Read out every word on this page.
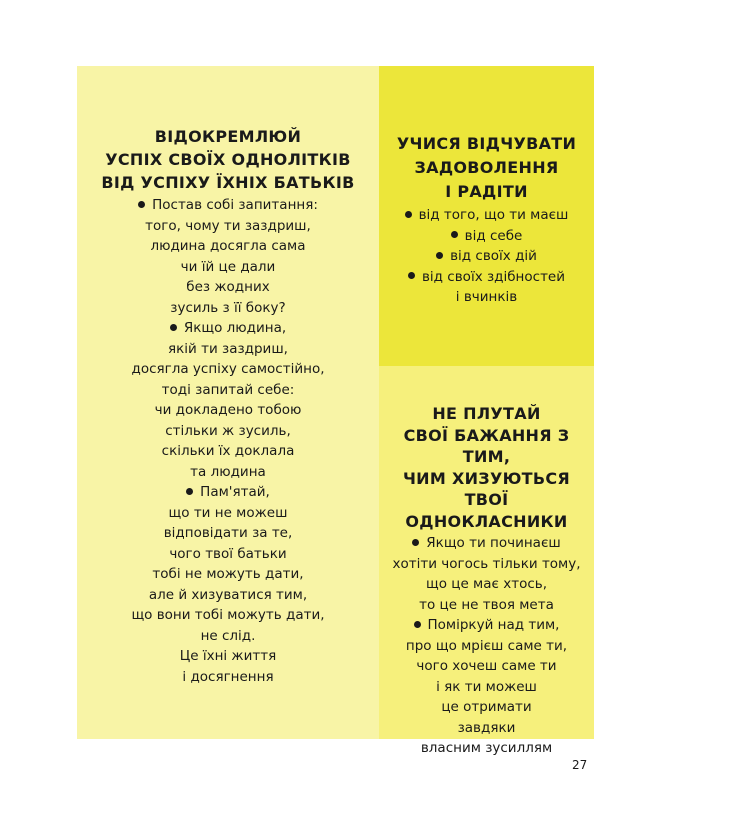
ВІДОКРЕМЛЮЙ

УСПІХ СВОЇХ ОДНОЛІТКІВ

ВІД УСПІХУ ЇХНІХ БАТЬКІВ

Постав собі запитання:

того, чому ти заздриш,

людина досягла сама

чи їй це дали

без жодних

зусиль з її боку?

Якщо людина,

якій ти заздриш,

досягла успіху самостійно,

тоді запитай себе:

чи докладено тобою

стільки ж зусиль,

скільки їх доклала

та людина

Пам'ятай,

що ти не можеш

відповідати за те,

чого твої батьки

тобі не можуть дати,

але й хизуватися тим,

що вони тобі можуть дати,

не слід.

Це їхні життя

і досягнення

УЧИСЯ ВІДЧУВАТИ

ЗАДОВОЛЕННЯ

І РАДІТИ

від того, що ти маєш

від себе

від своїх дій

від своїх здібностей

і вчинків

НЕ ПЛУТАЙ

СВОЇ БАЖАННЯ З ТИМ,

ЧИМ ХИЗУЮТЬСЯ ТВОЇ

ОДНОКЛАСНИКИ

Якщо ти починаєш

хотіти чогось тільки тому,

що це має хтось,

то це не твоя мета

Поміркуй над тим,

про що мрієш саме ти,

чого хочеш саме ти

і як ти можеш

це отримати

завдяки

власним зусиллям

27
